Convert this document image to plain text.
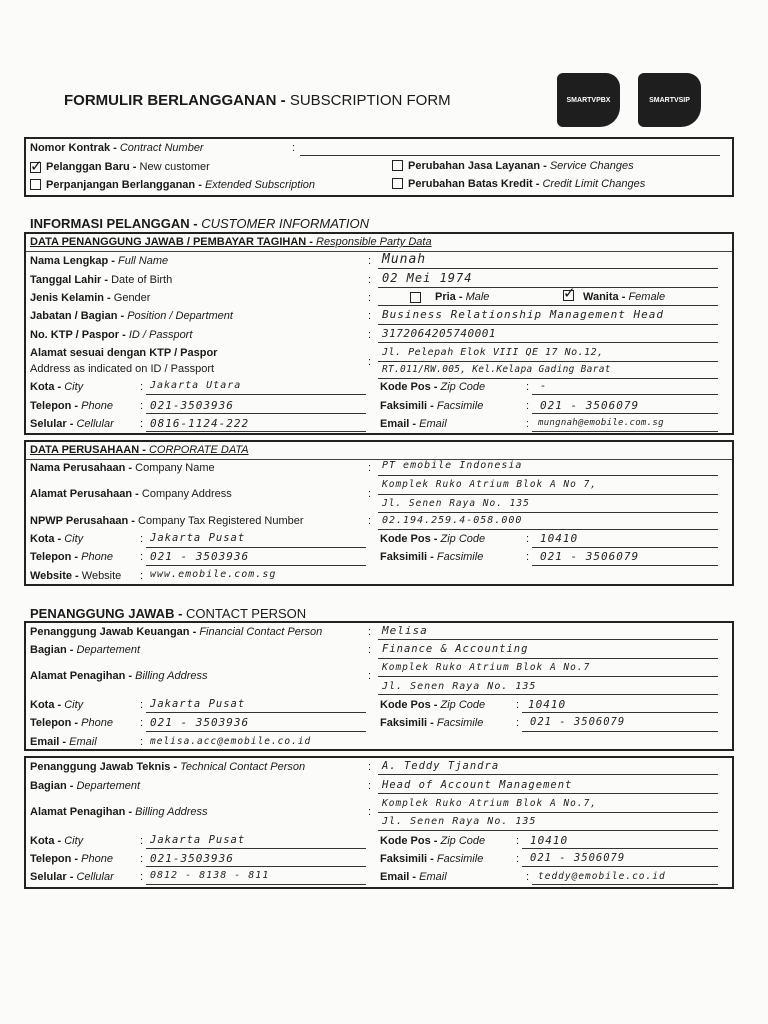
FORMULIR BERLANGGANAN - SUBSCRIPTION FORM	SMARTVPBX	SMARTVSIP
Nomor Kontrak - Contract Number	:
✓ Pelanggan Baru - New customer
Perpanjangan Berlangganan - Extended Subscription
Perubahan Jasa Layanan - Service Changes
Perubahan Batas Kredit - Credit Limit Changes
INFORMASI PELANGGAN - CUSTOMER INFORMATION
DATA PENANGGUNG JAWAB / PEMBAYAR TAGIHAN - Responsible Party Data
Nama Lengkap - Full Name	: Munah
Tanggal Lahir - Date of Birth	: 02 Mei 1974
Jenis Kelamin - Gender	:	Pria - Male	✓ Wanita - Female
Jabatan / Bagian - Position / Department	: Business Relationship Management Head
No. KTP / Paspor - ID / Passport	: 3172064205740001
Alamat sesuai dengan KTP / Paspor
Address as indicated on ID / Passport
:
Jl. Pelepah Elok VIII QE 17 No.12,
RT.011/RW.005, Kel.Kelapa Gading Barat
Kota - City	: Jakarta Utara	Kode Pos - Zip Code	: -
Telepon - Phone : 021-3503936	Faksimili - Facsimile	: 021 - 3506079
Selular - Cellular : 0816-1124-222	Email - Email	: mungnah@emobile.com.sg
DATA PERUSAHAAN - CORPORATE DATA
Nama Perusahaan - Company Name	: PT emobile Indonesia
Alamat Perusahaan - Company Address	:
Komplek Ruko Atrium Blok A No 7,
Jl. Senen Raya No. 135
NPWP Perusahaan - Company Tax Registered Number	: 02.194.259.4-058.000
Kota - City	: Jakarta Pusat	Kode Pos - Zip Code	: 10410
Telepon - Phone : 021 - 3503936	Faksimili - Facsimile	: 021 - 3506079
Website - Website : www.emobile.com.sg
PENANGGUNG JAWAB - CONTACT PERSON
Penanggung Jawab Keuangan - Financial Contact Person	: Melisa
Bagian - Departement	: Finance & Accounting
Alamat Penagihan - Billing Address	:
Komplek Ruko Atrium Blok A No.7
Jl. Senen Raya No. 135
Kota - City	: Jakarta Pusat	Kode Pos - Zip Code	: 10410
Telepon - Phone : 021 - 3503936	Faksimili - Facsimile	: 021 - 3506079
Email - Email	: melisa.acc@emobile.co.id
Penanggung Jawab Teknis - Technical Contact Person	: A. Teddy Tjandra
Bagian - Departement	: Head of Account Management
Alamat Penagihan - Billing Address	:
Komplek Ruko Atrium Blok A No.7,
Jl. Senen Raya No. 135
Kota - City	: Jakarta Pusat	Kode Pos - Zip Code	: 10410
Telepon - Phone : 021-3503936	Faksimili - Facsimile	: 021 - 3506079
Selular - Cellular : 0812 - 8138 - 811	Email - Email	: teddy@emobile.co.id
